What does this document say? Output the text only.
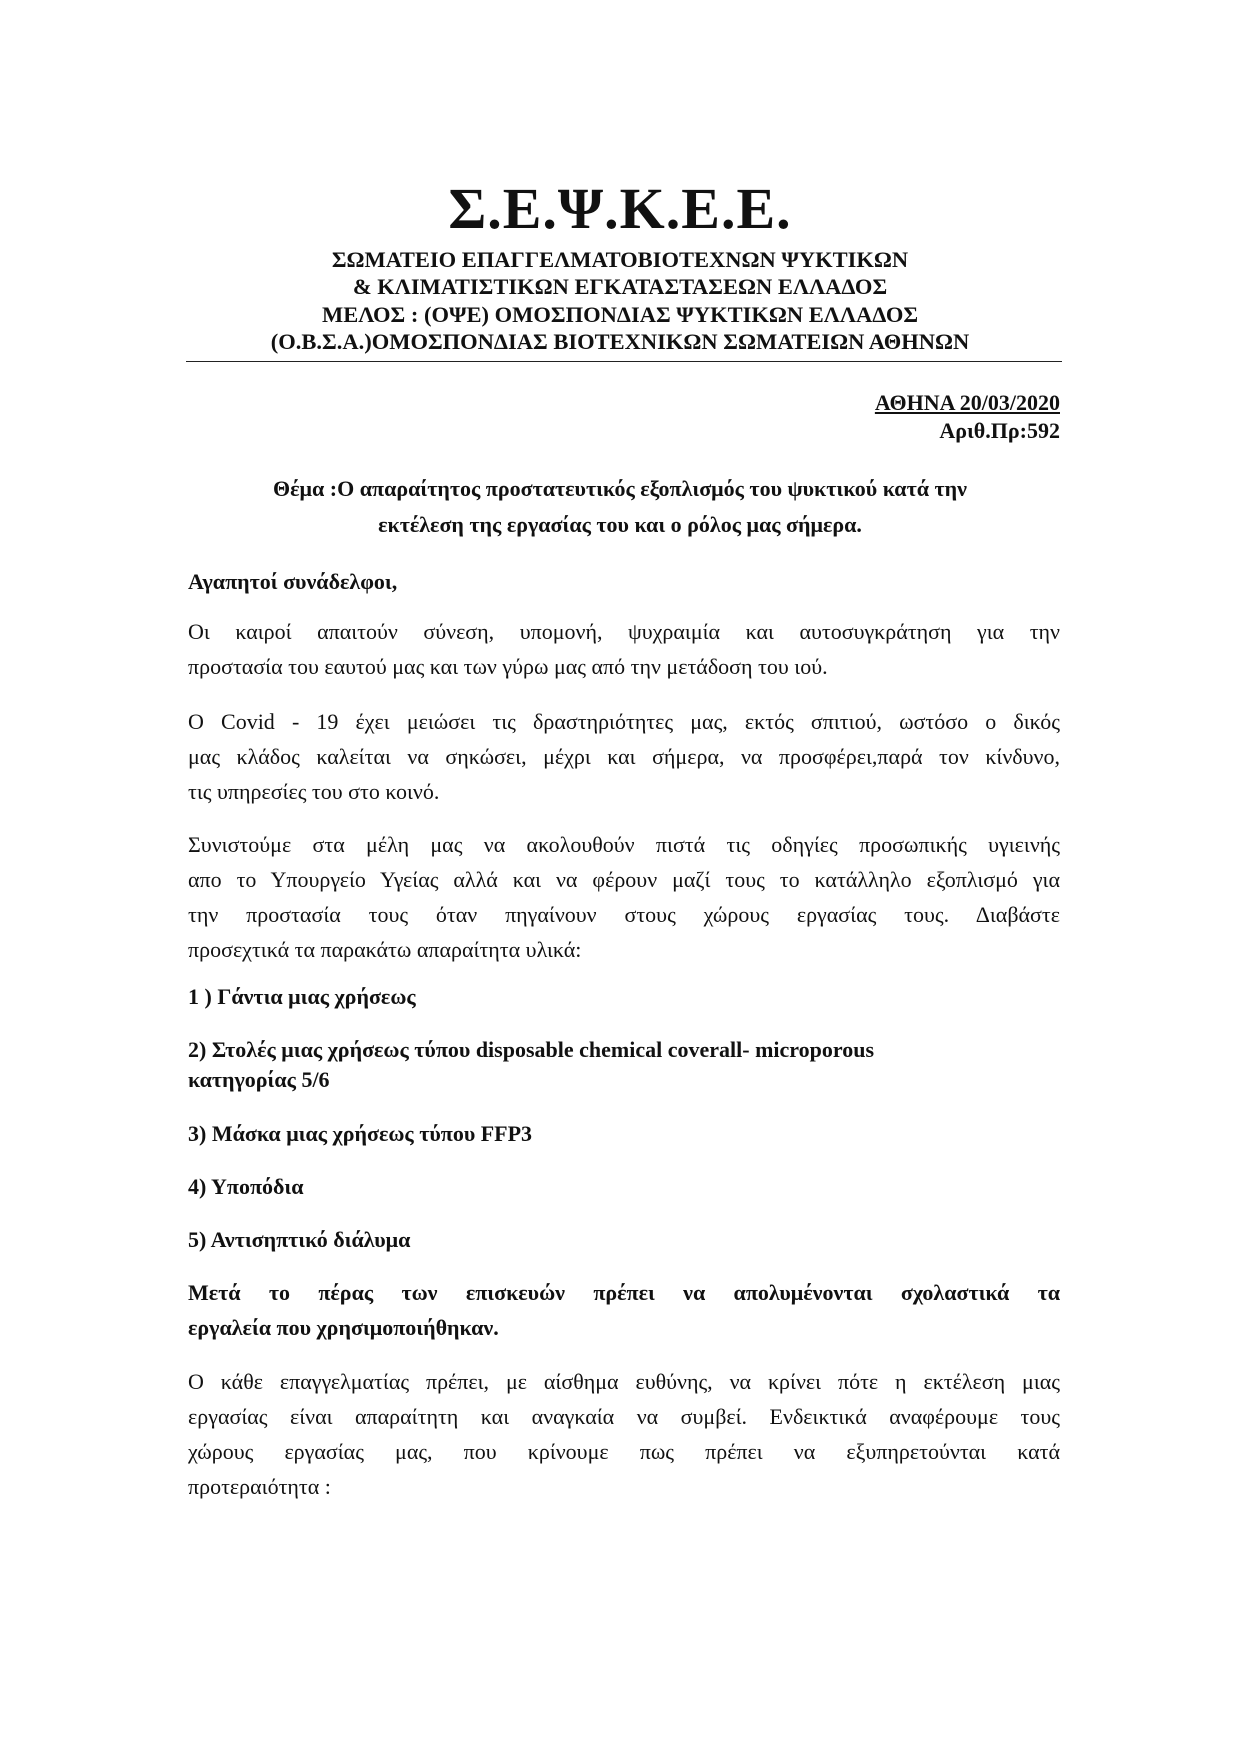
Σ.Ε.Ψ.Κ.Ε.Ε.
ΣΩΜΑΤΕΙΟ ΕΠΑΓΓΕΛΜΑΤΟΒΙΟΤΕΧΝΩΝ ΨΥΚΤΙΚΩΝ
& ΚΛΙΜΑΤΙΣΤΙΚΩΝ ΕΓΚΑΤΑΣΤΑΣΕΩΝ ΕΛΛΑΔΟΣ
ΜΕΛΟΣ : (ΟΨΕ) ΟΜΟΣΠΟΝΔΙΑΣ ΨΥΚΤΙΚΩΝ ΕΛΛΑΔΟΣ
(Ο.Β.Σ.Α.)ΟΜΟΣΠΟΝΔΙΑΣ ΒΙΟΤΕΧΝΙΚΩΝ ΣΩΜΑΤΕΙΩΝ ΑΘΗΝΩΝ
ΑΘΗΝΑ 20/03/2020
Αριθ.Πρ:592
Θέμα :Ο απαραίτητος προστατευτικός εξοπλισμός του ψυκτικού κατά την
εκτέλεση της εργασίας του και ο ρόλος μας σήμερα.
Αγαπητοί συνάδελφοι,
Οι καιροί απαιτούν σύνεση, υπομονή, ψυχραιμία και αυτοσυγκράτηση για την
προστασία του εαυτού μας και των γύρω μας από την μετάδοση του ιού.
Ο Covid - 19 έχει μειώσει τις δραστηριότητες μας, εκτός σπιτιού, ωστόσο ο δικός
μας κλάδος καλείται να σηκώσει, μέχρι και σήμερα, να προσφέρει,παρά τον κίνδυνο,
τις υπηρεσίες του στο κοινό.
Συνιστούμε στα μέλη μας να ακολουθούν πιστά τις οδηγίες προσωπικής υγιεινής
απο το Υπουργείο Υγείας αλλά και να φέρουν μαζί τους το κατάλληλο εξοπλισμό για
την προστασία τους όταν πηγαίνουν στους χώρους εργασίας τους. Διαβάστε
προσεχτικά τα παρακάτω απαραίτητα υλικά:
1 ) Γάντια μιας χρήσεως
2) Στολές μιας χρήσεως τύπου disposable chemical coverall- microporous
κατηγορίας 5/6
3) Μάσκα μιας χρήσεως τύπου FFP3
4) Υποπόδια
5) Αντισηπτικό διάλυμα
Μετά το πέρας των επισκευών πρέπει να απολυμένονται σχολαστικά τα
εργαλεία που χρησιμοποιήθηκαν.
Ο κάθε επαγγελματίας πρέπει, με αίσθημα ευθύνης, να κρίνει πότε η εκτέλεση μιας
εργασίας είναι απαραίτητη και αναγκαία να συμβεί. Ενδεικτικά αναφέρουμε τους
χώρους εργασίας μας, που κρίνουμε πως πρέπει να εξυπηρετούνται κατά
προτεραιότητα :
